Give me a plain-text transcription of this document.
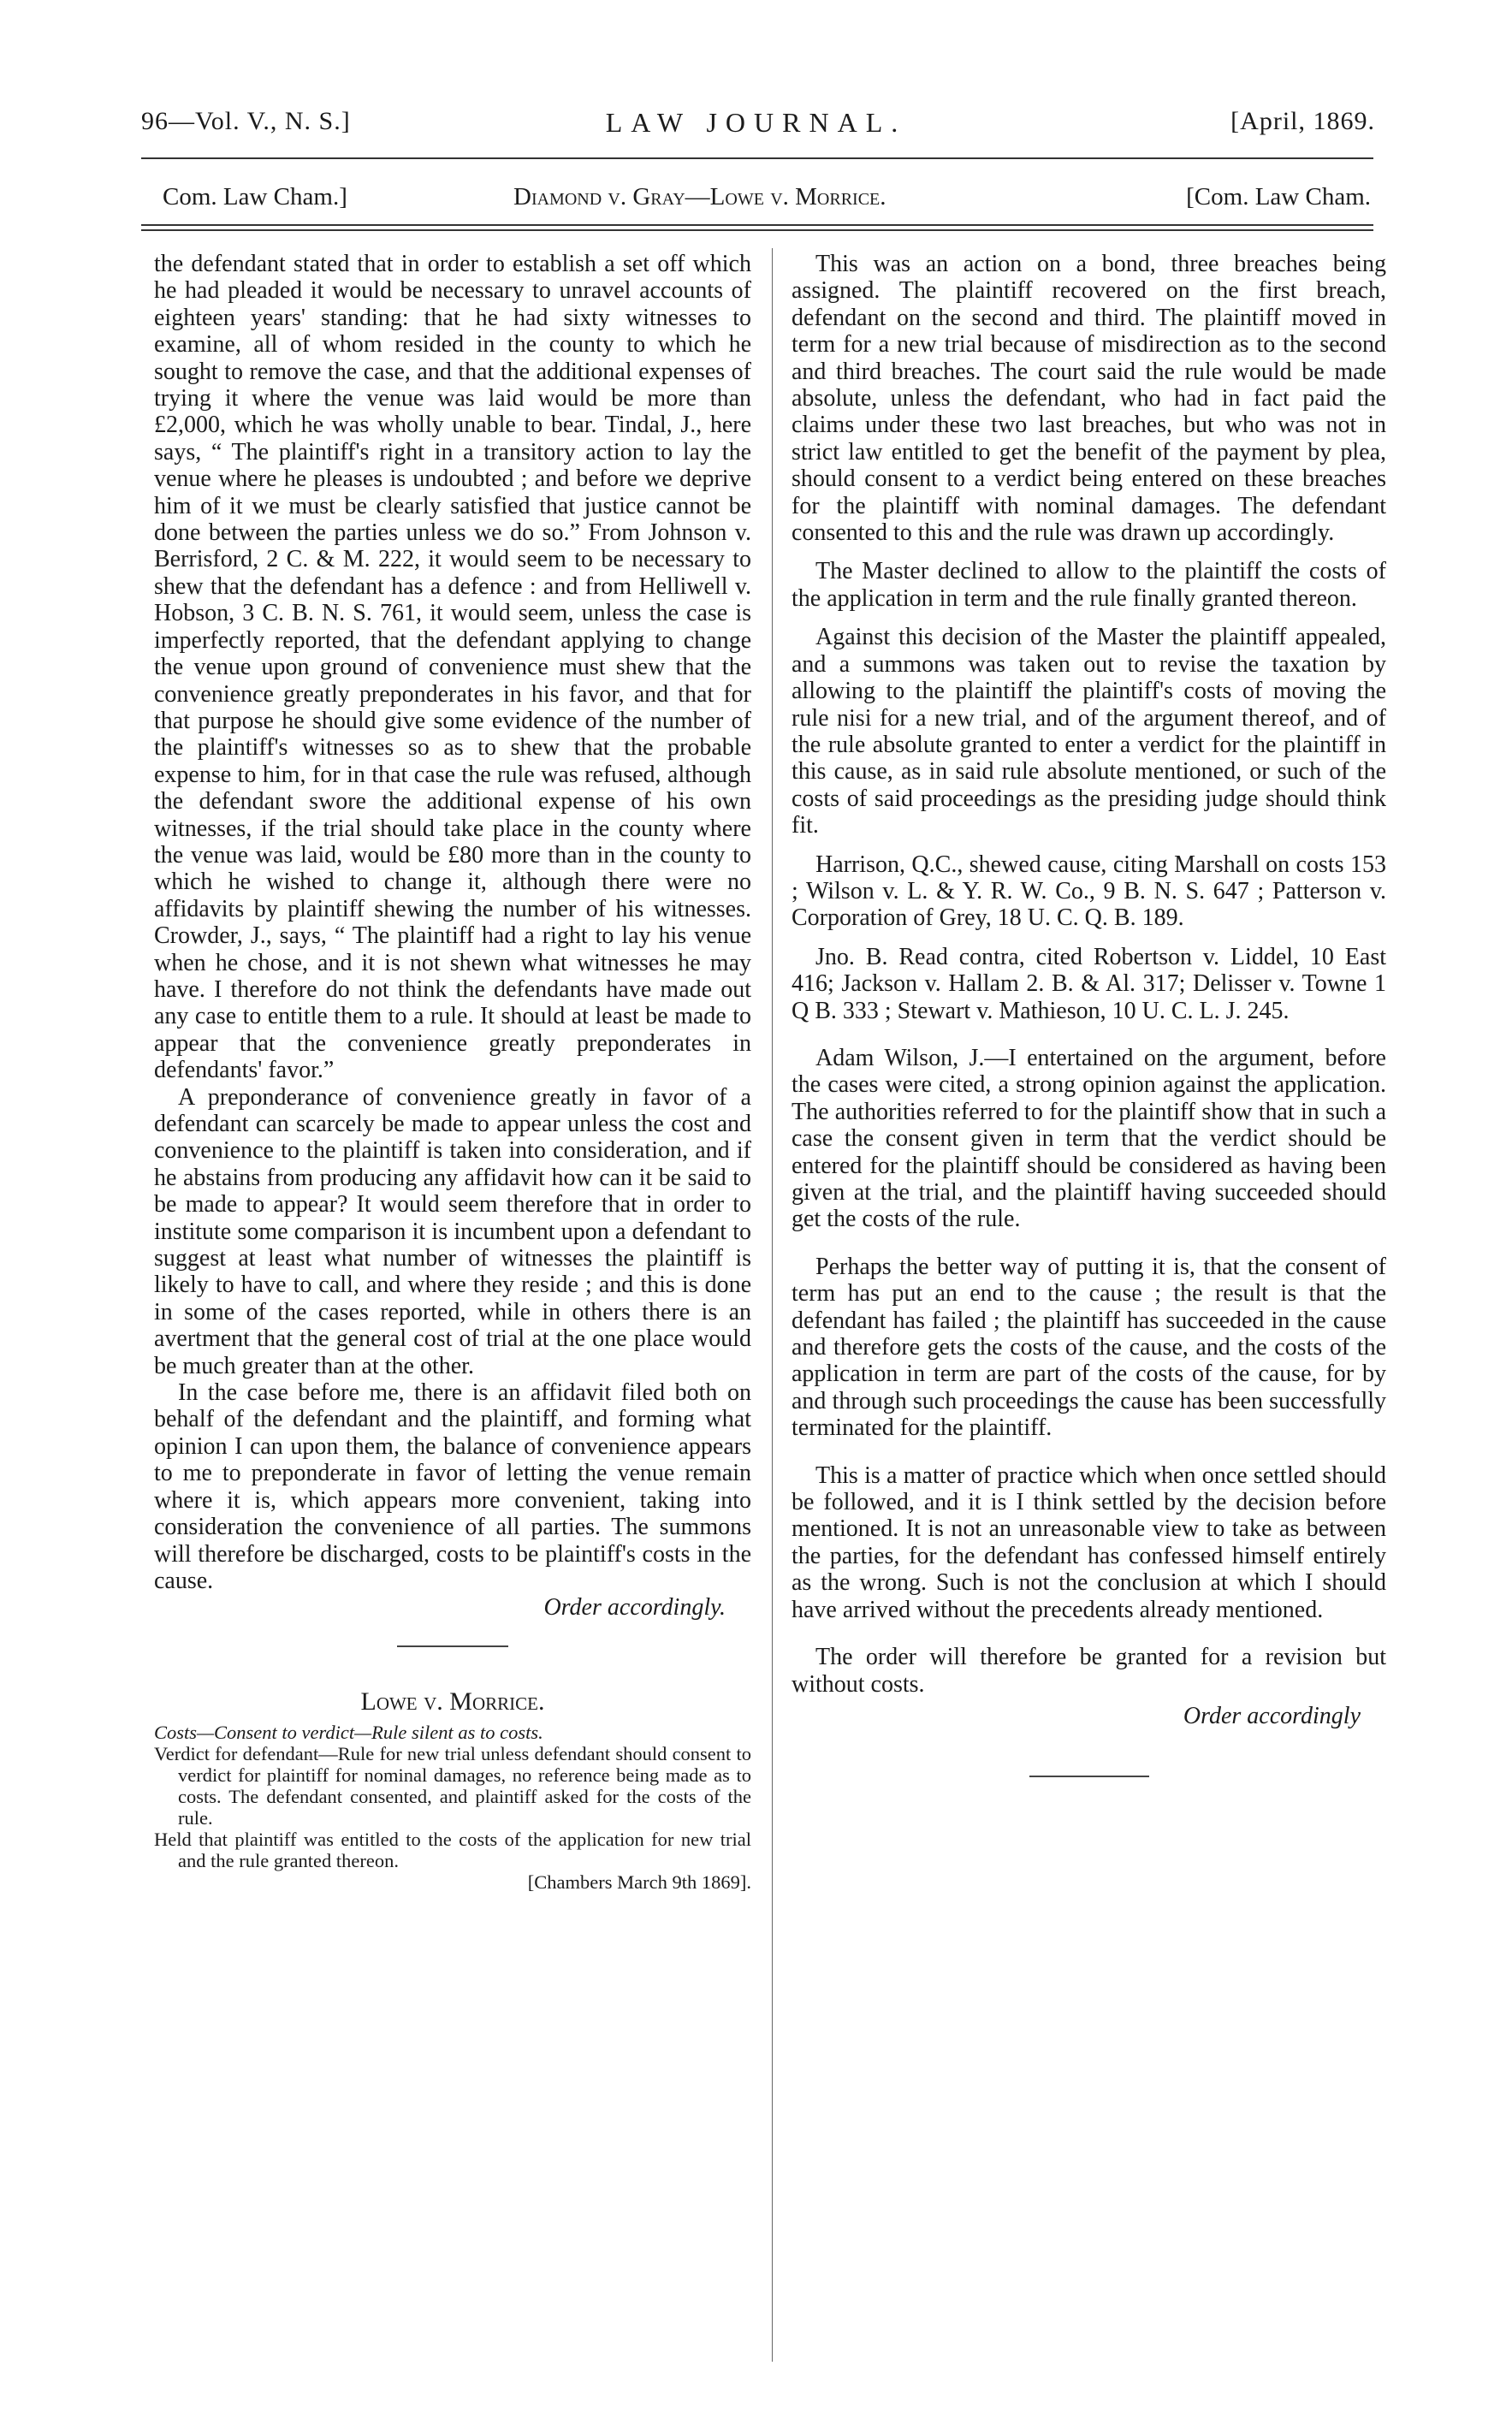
96—Vol. V., N. S.]	LAW JOURNAL.	[April, 1869.
Com. Law Cham.]	Diamond v. Gray—Lowe v. Morrice.	[Com. Law Cham.

the defendant stated that in order to establish a set off which he had pleaded it would be necessary to unravel accounts of eighteen years' standing: that he had sixty witnesses to examine, all of whom resided in the county to which he sought to remove the case, and that the additional expenses of trying it where the venue was laid would be more than £2,000, which he was wholly unable to bear. Tindal, J., here says, “ The plaintiff's right in a transitory action to lay the venue where he pleases is undoubted ; and before we deprive him of it we must be clearly satisfied that justice cannot be done between the parties unless we do so.” From Johnson v. Berrisford, 2 C. & M. 222, it would seem to be necessary to shew that the defendant has a defence : and from Helliwell v. Hobson, 3 C. B. N. S. 761, it would seem, unless the case is imperfectly reported, that the defendant applying to change the venue upon ground of convenience must shew that the convenience greatly preponderates in his favor, and that for that purpose he should give some evidence of the number of the plaintiff's witnesses so as to shew that the probable expense to him, for in that case the rule was refused, although the defendant swore the additional expense of his own witnesses, if the trial should take place in the county where the venue was laid, would be £80 more than in the county to which he wished to change it, although there were no affidavits by plaintiff shewing the number of his witnesses. Crowder, J., says, “ The plaintiff had a right to lay his venue when he chose, and it is not shewn what witnesses he may have. I therefore do not think the defendants have made out any case to entitle them to a rule. It should at least be made to appear that the convenience greatly preponderates in defendants' favor.”

A preponderance of convenience greatly in favor of a defendant can scarcely be made to appear unless the cost and convenience to the plaintiff is taken into consideration, and if he abstains from producing any affidavit how can it be said to be made to appear? It would seem therefore that in order to institute some comparison it is incumbent upon a defendant to suggest at least what number of witnesses the plaintiff is likely to have to call, and where they reside ; and this is done in some of the cases reported, while in others there is an avertment that the general cost of trial at the one place would be much greater than at the other.

In the case before me, there is an affidavit filed both on behalf of the defendant and the plaintiff, and forming what opinion I can upon them, the balance of convenience appears to me to preponderate in favor of letting the venue remain where it is, which appears more convenient, taking into consideration the convenience of all parties. The summons will therefore be discharged, costs to be plaintiff's costs in the cause.

Order accordingly.

Lowe v. Morrice.

Costs—Consent to verdict—Rule silent as to costs.

Verdict for defendant—Rule for new trial unless defendant should consent to verdict for plaintiff for nominal damages, no reference being made as to costs. The defendant consented, and plaintiff asked for the costs of the rule.

Held that plaintiff was entitled to the costs of the application for new trial and the rule granted thereon.

[Chambers March 9th 1869].

This was an action on a bond, three breaches being assigned. The plaintiff recovered on the first breach, defendant on the second and third. The plaintiff moved in term for a new trial because of misdirection as to the second and third breaches. The court said the rule would be made absolute, unless the defendant, who had in fact paid the claims under these two last breaches, but who was not in strict law entitled to get the benefit of the payment by plea, should consent to a verdict being entered on these breaches for the plaintiff with nominal damages. The defendant consented to this and the rule was drawn up accordingly.

The Master declined to allow to the plaintiff the costs of the application in term and the rule finally granted thereon.

Against this decision of the Master the plaintiff appealed, and a summons was taken out to revise the taxation by allowing to the plaintiff the plaintiff's costs of moving the rule nisi for a new trial, and of the argument thereof, and of the rule absolute granted to enter a verdict for the plaintiff in this cause, as in said rule absolute mentioned, or such of the costs of said proceedings as the presiding judge should think fit.

Harrison, Q.C., shewed cause, citing Marshall on costs 153 ; Wilson v. L. & Y. R. W. Co., 9 B. N. S. 647 ; Patterson v. Corporation of Grey, 18 U. C. Q. B. 189.

Jno. B. Read contra, cited Robertson v. Liddel, 10 East 416; Jackson v. Hallam 2. B. & Al. 317; Delisser v. Towne 1 Q B. 333 ; Stewart v. Mathieson, 10 U. C. L. J. 245.

Adam Wilson, J.—I entertained on the argument, before the cases were cited, a strong opinion against the application. The authorities referred to for the plaintiff show that in such a case the consent given in term that the verdict should be entered for the plaintiff should be considered as having been given at the trial, and the plaintiff having succeeded should get the costs of the rule.

Perhaps the better way of putting it is, that the consent of term has put an end to the cause ; the result is that the defendant has failed ; the plaintiff has succeeded in the cause and therefore gets the costs of the cause, and the costs of the application in term are part of the costs of the cause, for by and through such proceedings the cause has been successfully terminated for the plaintiff.

This is a matter of practice which when once settled should be followed, and it is I think settled by the decision before mentioned. It is not an unreasonable view to take as between the parties, for the defendant has confessed himself entirely as the wrong. Such is not the conclusion at which I should have arrived without the precedents already mentioned.

The order will therefore be granted for a revision but without costs.

Order accordingly
